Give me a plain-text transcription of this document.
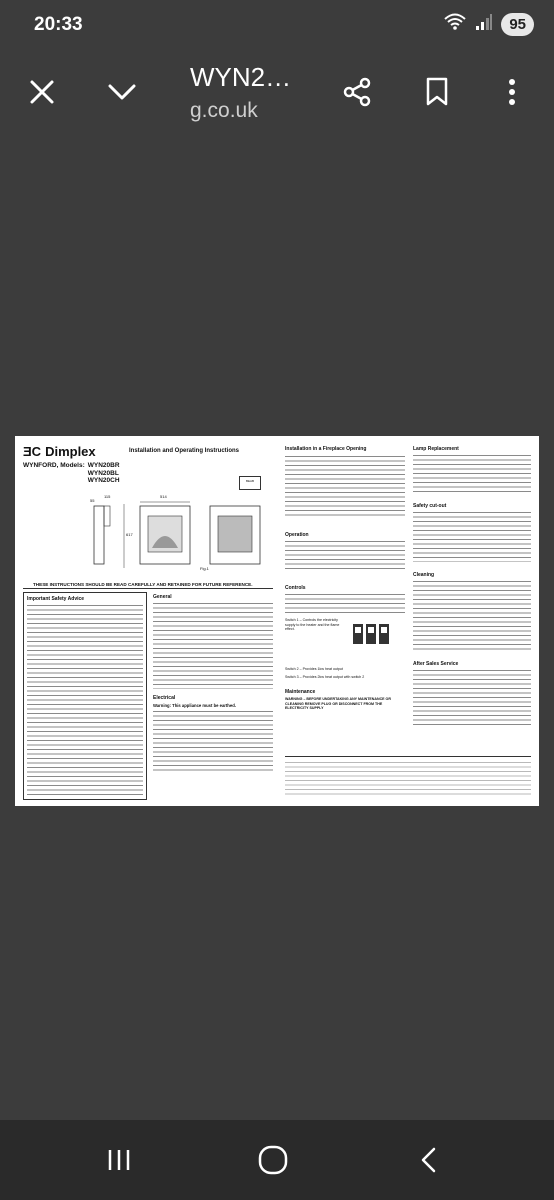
20:33	95
WYN2…
g.co.uk
ƎC Dimplex	Installation and Operating Instructions
WYNFORD, Models: WYN20BR
WYN20BL
WYN20CH	BEAB
514
617
55
115
Fig.1
THESE INSTRUCTIONS SHOULD BE READ CAREFULLY AND RETAINED FOR FUTURE REFERENCE.
Important Safety Advice	General
Electrical
Warning: This appliance must be earthed.
Installation in a Fireplace Opening
Operation
Controls
Switch 1 – Controls the electricity supply to the heater and the flame effect.
Switch 2 – Provides 1kw heat output
Switch 3 – Provides 2kw heat output with switch 2
Maintenance
WARNING – BEFORE UNDERTAKING ANY MAINTENANCE OR CLEANING REMOVE PLUG OR DISCONNECT FROM THE ELECTRICITY SUPPLY
Lamp Replacement
Safety cut-out
Cleaning
After Sales Service
